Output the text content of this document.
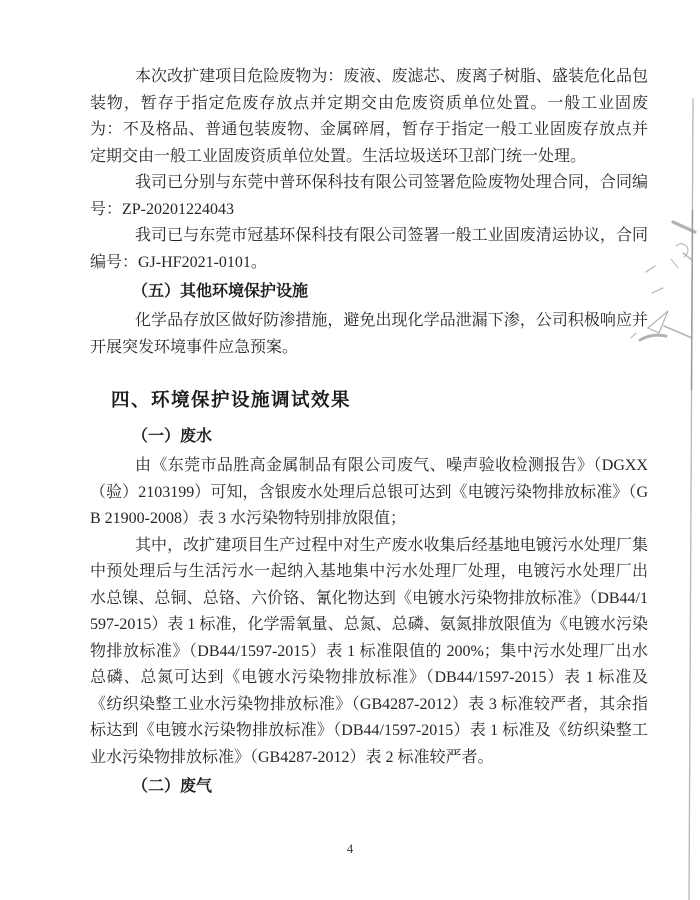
本次改扩建项目危险废物为：废液、废滤芯、废离子树脂、盛装危化品包装物，暂存于指定危废存放点并定期交由危废资质单位处置。一般工业固废为：不及格品、普通包装废物、金属碎屑，暂存于指定一般工业固废存放点并定期交由一般工业固废资质单位处置。生活垃圾送环卫部门统一处理。

我司已分别与东莞中普环保科技有限公司签署危险废物处理合同，合同编号：ZP-20201224043

我司已与东莞市冠基环保科技有限公司签署一般工业固废清运协议，合同编号：GJ-HF2021-0101。

（五）其他环境保护设施

化学品存放区做好防渗措施，避免出现化学品泄漏下渗，公司积极响应并开展突发环境事件应急预案。

四、环境保护设施调试效果
（一）废水

由《东莞市品胜高金属制品有限公司废气、噪声验收检测报告》（DGXX（验）2103199）可知，含银废水处理后总银可达到《电镀污染物排放标准》（GB 21900-2008）表 3 水污染物特别排放限值；

其中，改扩建项目生产过程中对生产废水收集后经基地电镀污水处理厂集中预处理后与生活污水一起纳入基地集中污水处理厂处理，电镀污水处理厂出水总镍、总铜、总铬、六价铬、氰化物达到《电镀水污染物排放标准》（DB44/1597-2015）表 1 标准，化学需氧量、总氮、总磷、氨氮排放限值为《电镀水污染物排放标准》（DB44/1597-2015）表 1 标准限值的 200%；集中污水处理厂出水总磷、总氮可达到《电镀水污染物排放标准》（DB44/1597-2015）表 1 标准及《纺织染整工业水污染物排放标准》（GB4287-2012）表 3 标准较严者，其余指标达到《电镀水污染物排放标准》（DB44/1597-2015）表 1 标准及《纺织染整工业水污染物排放标准》（GB4287-2012）表 2 标准较严者。

（二）废气
4
